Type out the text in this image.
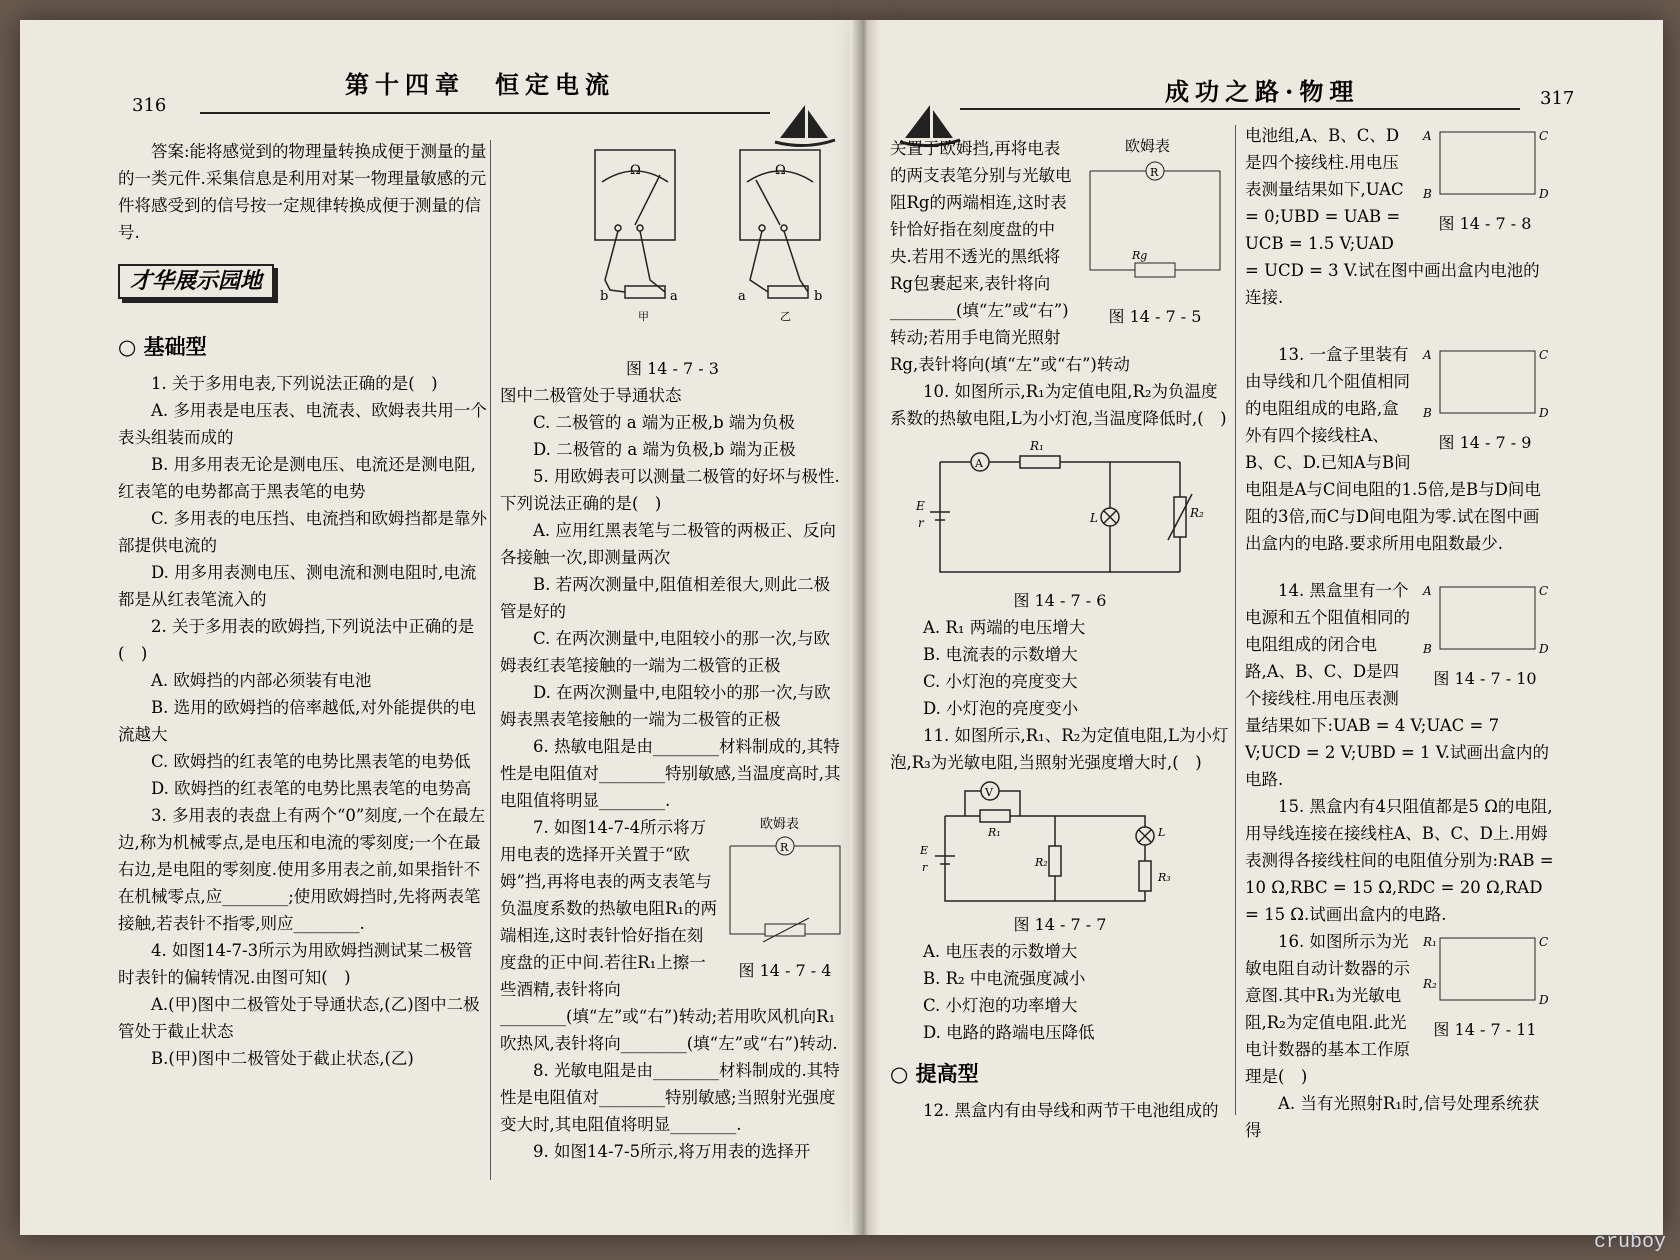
316
第十四章　恒定电流

答案:能将感觉到的物理量转换成便于测量的量的一类元件.采集信息是利用对某一物理量敏感的元件将感受到的信号按一定规律转换成便于测量的信号.

才华展示园地
○ 基础型

1. 关于多用电表,下列说法正确的是(　)

A. 多用表是电压表、电流表、欧姆表共用一个表头组装而成的

B. 用多用表无论是测电压、电流还是测电阻,红表笔的电势都高于黑表笔的电势

C. 多用表的电压挡、电流挡和欧姆挡都是靠外部提供电流的

D. 用多用表测电压、测电流和测电阻时,电流都是从红表笔流入的

2. 关于多用表的欧姆挡,下列说法中正确的是(　)

A. 欧姆挡的内部必须装有电池

B. 选用的欧姆挡的倍率越低,对外能提供的电流越大

C. 欧姆挡的红表笔的电势比黑表笔的电势低

D. 欧姆挡的红表笔的电势比黑表笔的电势高

3. 多用表的表盘上有两个“0”刻度,一个在最左边,称为机械零点,是电压和电流的零刻度;一个在最右边,是电阻的零刻度.使用多用表之前,如果指针不在机械零点,应________;使用欧姆挡时,先将两表笔接触,若表针不指零,则应________.

4. 如图14-7-3所示为用欧姆挡测试某二极管时表针的偏转情况.由图可知(　)

A.(甲)图中二极管处于导通状态,(乙)图中二极管处于截止状态

B.(甲)图中二极管处于截止状态,(乙)

Ω	Ω
b	a	a	b
甲	乙

图 14 - 7 - 3

图中二极管处于导通状态

C. 二极管的 a 端为正极,b 端为负极

D. 二极管的 a 端为负极,b 端为正极

5. 用欧姆表可以测量二极管的好坏与极性.下列说法正确的是(　)

A. 应用红黑表笔与二极管的两极正、反向各接触一次,即测量两次

B. 若两次测量中,阻值相差很大,则此二极管是好的

C. 在两次测量中,电阻较小的那一次,与欧姆表红表笔接触的一端为二极管的正极

D. 在两次测量中,电阻较小的那一次,与欧姆表黑表笔接触的一端为二极管的正极

6. 热敏电阻是由________材料制成的,其特性是电阻值对________特别敏感,当温度高时,其电阻值将明显________.

欧姆表
R

图 14 - 7 - 4

7. 如图14-7-4所示将万用电表的选择开关置于“欧姆”挡,再将电表的两支表笔与负温度系数的热敏电阻R₁的两端相连,这时表针恰好指在刻度盘的正中间.若往R₁上擦一些酒精,表针将向________(填“左”或“右”)转动;若用吹风机向R₁吹热风,表针将向________(填“左”或“右”)转动.

8. 光敏电阻是由________材料制成的.其特性是电阻值对________特别敏感;当照射光强度变大时,其电阻值将明显________.

9. 如图14-7-5所示,将万用表的选择开

成功之路·物理	317
欧姆表
R
Rg

图 14 - 7 - 5

关置于欧姆挡,再将电表的两支表笔分别与光敏电阻Rg的两端相连,这时表针恰好指在刻度盘的中央.若用不透光的黑纸将Rg包裹起来,表针将向________(填“左”或“右”)转动;若用手电筒光照射Rg,表针将向(填“左”或“右”)转动

10. 如图所示,R₁为定值电阻,R₂为负温度系数的热敏电阻,L为小灯泡,当温度降低时,(　)

A
R₁
L	R₂
E
r

图 14 - 7 - 6

A. R₁ 两端的电压增大

B. 电流表的示数增大

C. 小灯泡的亮度变大

D. 小灯泡的亮度变小

11. 如图所示,R₁、R₂为定值电阻,L为小灯泡,R₃为光敏电阻,当照射光强度增大时,(　)

V
R₁
R₂
L
R₃
E
r

图 14 - 7 - 7

A. 电压表的示数增大

B. R₂ 中电流强度减小

C. 小灯泡的功率增大

D. 电路的路端电压降低

○ 提高型

12. 黑盒内有由导线和两节干电池组成的

A	C
B	D

图 14 - 7 - 8

电池组,A、B、C、D是四个接线柱.用电压表测量结果如下,UAC = 0;UBD = UAB = UCB = 1.5 V;UAD = UCD = 3 V.试在图中画出盒内电池的连接.

A	C
B	D

图 14 - 7 - 9

13. 一盒子里装有由导线和几个阻值相同的电阻组成的电路,盒外有四个接线柱A、B、C、D.已知A与B间电阻是A与C间电阻的1.5倍,是B与D间电阻的3倍,而C与D间电阻为零.试在图中画出盒内的电路.要求所用电阻数最少.

A	C
B	D

图 14 - 7 - 10

14. 黑盒里有一个电源和五个阻值相同的电阻组成的闭合电路,A、B、C、D是四个接线柱.用电压表测量结果如下:UAB = 4 V;UAC = 7 V;UCD = 2 V;UBD = 1 V.试画出盒内的电路.

15. 黑盒内有4只阻值都是5 Ω的电阻,用导线连接在接线柱A、B、C、D上.用姆表测得各接线柱间的电阻值分别为:RAB = 10 Ω,RBC = 15 Ω,RDC = 20 Ω,RAD = 15 Ω.试画出盒内的电路.

R₁	C
R₂
D

图 14 - 7 - 11

16. 如图所示为光敏电阻自动计数器的示意图.其中R₁为光敏电阻,R₂为定值电阻.此光电计数器的基本工作原理是(　)

A. 当有光照射R₁时,信号处理系统获得

cruboy
